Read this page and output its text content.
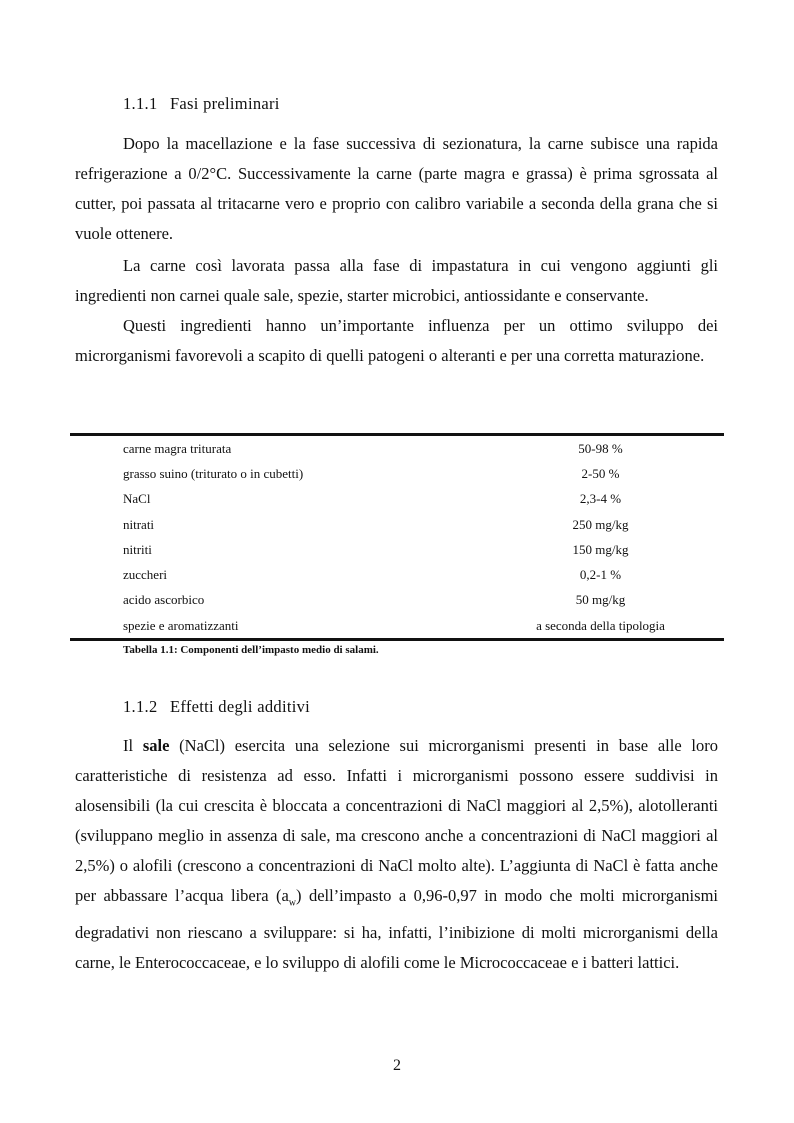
1.1.1 Fasi preliminari

Dopo la macellazione e la fase successiva di sezionatura, la carne subisce una rapida refrigerazione a 0/2°C. Successivamente la carne (parte magra e grassa) è prima sgrossata al cutter, poi passata al tritacarne vero e proprio con calibro variabile a seconda della grana che si vuole ottenere.

La carne così lavorata passa alla fase di impastatura in cui vengono aggiunti gli ingredienti non carnei quale sale, spezie, starter microbici, antiossidante e conservante.

Questi ingredienti hanno un’importante influenza per un ottimo sviluppo dei microrganismi favorevoli a scapito di quelli patogeni o alteranti e per una corretta maturazione.

carne magra triturata	50-98 %
grasso suino (triturato o in cubetti)	2-50 %
NaCl	2,3-4 %
nitrati	250 mg/kg
nitriti	150 mg/kg
zuccheri	0,2-1 %
acido ascorbico	50 mg/kg
spezie e aromatizzanti	a seconda della tipologia
Tabella 1.1: Componenti dell’impasto medio di salami.
1.1.2 Effetti degli additivi

Il sale (NaCl) esercita una selezione sui microrganismi presenti in base alle loro caratteristiche di resistenza ad esso. Infatti i microrganismi possono essere suddivisi in alosensibili (la cui crescita è bloccata a concentrazioni di NaCl maggiori al 2,5%), alotolleranti (sviluppano meglio in assenza di sale, ma crescono anche a concentrazioni di NaCl maggiori al 2,5%) o alofili (crescono a concentrazioni di NaCl molto alte). L’aggiunta di NaCl è fatta anche per abbassare l’acqua libera $(a_w)$ dell’impasto a 0,96-0,97 in modo che molti microrganismi degradativi non riescano a sviluppare: si ha, infatti, l’inibizione di molti microrganismi della carne, le Enterococcaceae, e lo sviluppo di alofili come le Micrococcaceae e i batteri lattici.

2
